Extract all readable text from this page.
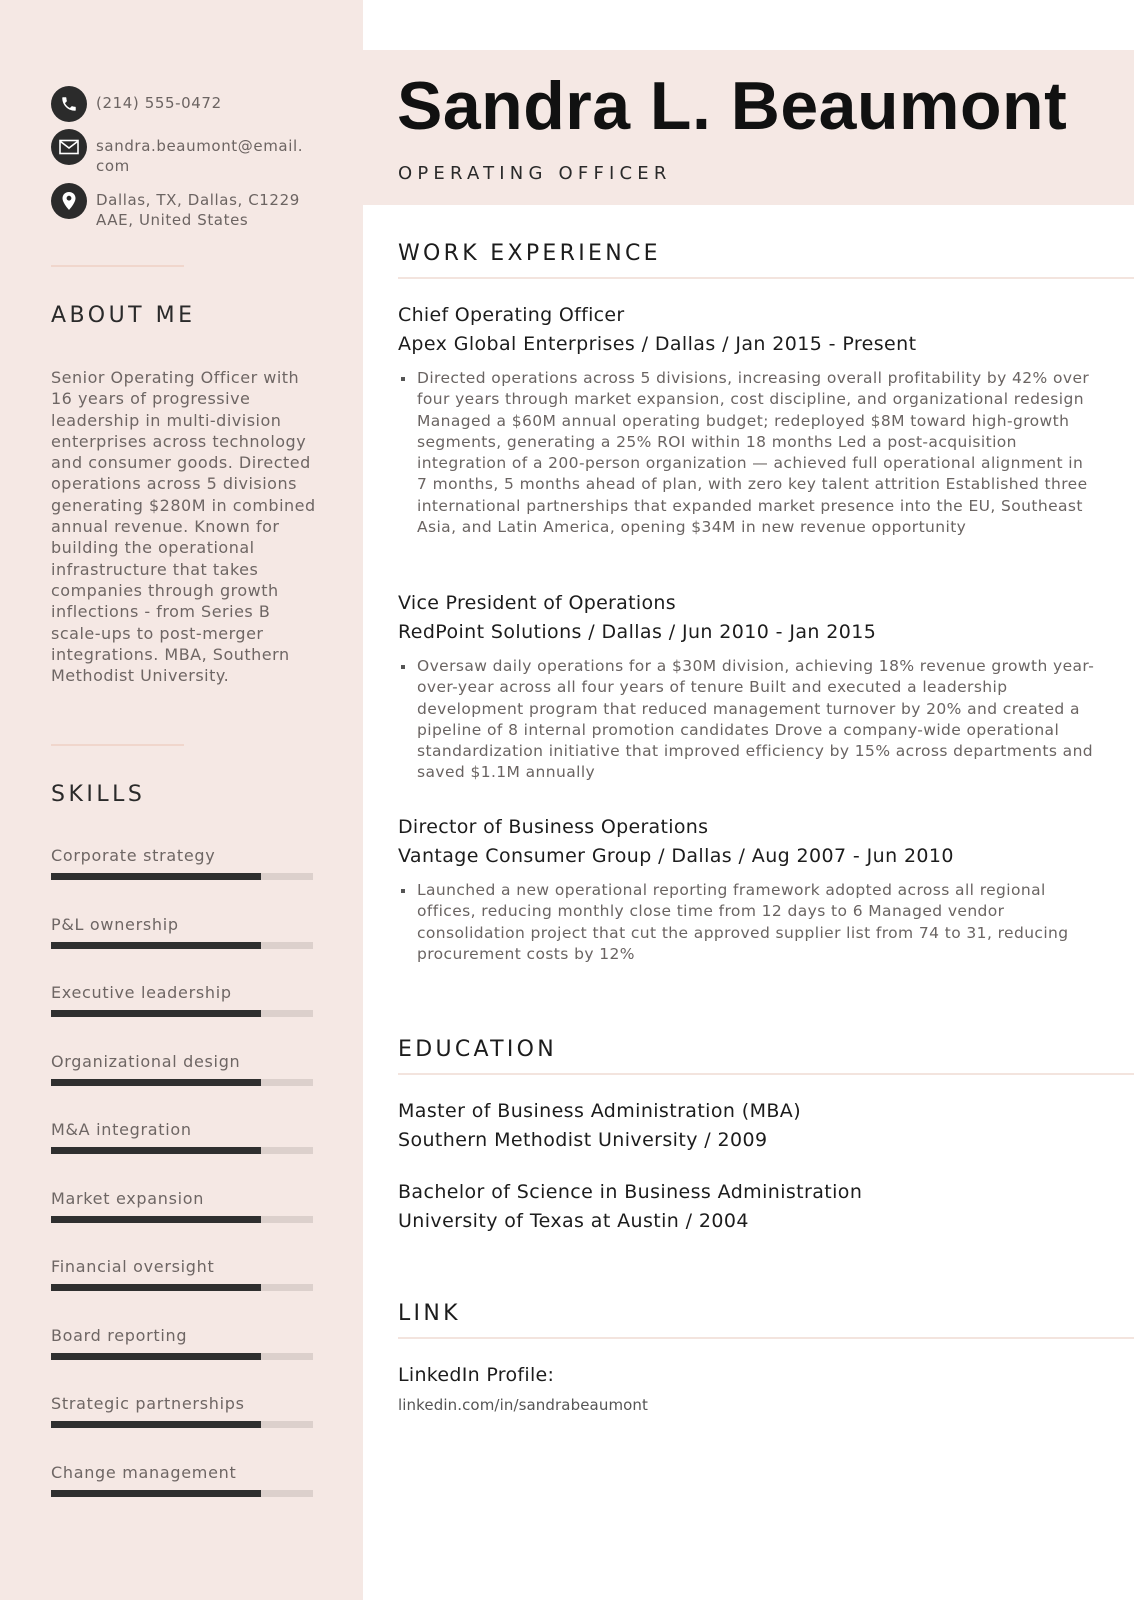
(214) 555-0472
sandra.beaumont@email.com
Dallas, TX, Dallas, C1229AAE, United States
ABOUT ME

Senior Operating Officer with 16 years of progressive leadership in multi-division enterprises across technology and consumer goods. Directed operations across 5 divisions generating $280M in combined annual revenue. Known for building the operational infrastructure that takes companies through growth inflections - from Series B scale-ups to post-merger integrations. MBA, Southern Methodist University.

SKILLS
Corporate strategy
P&L ownership
Executive leadership
Organizational design
M&A integration
Market expansion
Financial oversight
Board reporting
Strategic partnerships
Change management
Sandra L. Beaumont
OPERATING OFFICER
WORK EXPERIENCE
Chief Operating Officer
Apex Global Enterprises / Dallas / Jan 2015 - Present
Directed operations across 5 divisions, increasing overall profitability by 42% over four years through market expansion, cost discipline, and organizational redesign Managed a $60M annual operating budget; redeployed $8M toward high-growth segments, generating a 25% ROI within 18 months Led a post-acquisition integration of a 200-person organization — achieved full operational alignment in 7 months, 5 months ahead of plan, with zero key talent attrition Established three international partnerships that expanded market presence into the EU, Southeast Asia, and Latin America, opening $34M in new revenue opportunity
Vice President of Operations
RedPoint Solutions / Dallas / Jun 2010 - Jan 2015
Oversaw daily operations for a $30M division, achieving 18% revenue growth year-over-year across all four years of tenure Built and executed a leadership development program that reduced management turnover by 20% and created a pipeline of 8 internal promotion candidates Drove a company-wide operational standardization initiative that improved efficiency by 15% across departments and saved $1.1M annually
Director of Business Operations
Vantage Consumer Group / Dallas / Aug 2007 - Jun 2010
Launched a new operational reporting framework adopted across all regional offices, reducing monthly close time from 12 days to 6 Managed vendor consolidation project that cut the approved supplier list from 74 to 31, reducing procurement costs by 12%
EDUCATION
Master of Business Administration (MBA)
Southern Methodist University / 2009
Bachelor of Science in Business Administration
University of Texas at Austin / 2004
LINK
LinkedIn Profile:
linkedin.com/in/sandrabeaumont
